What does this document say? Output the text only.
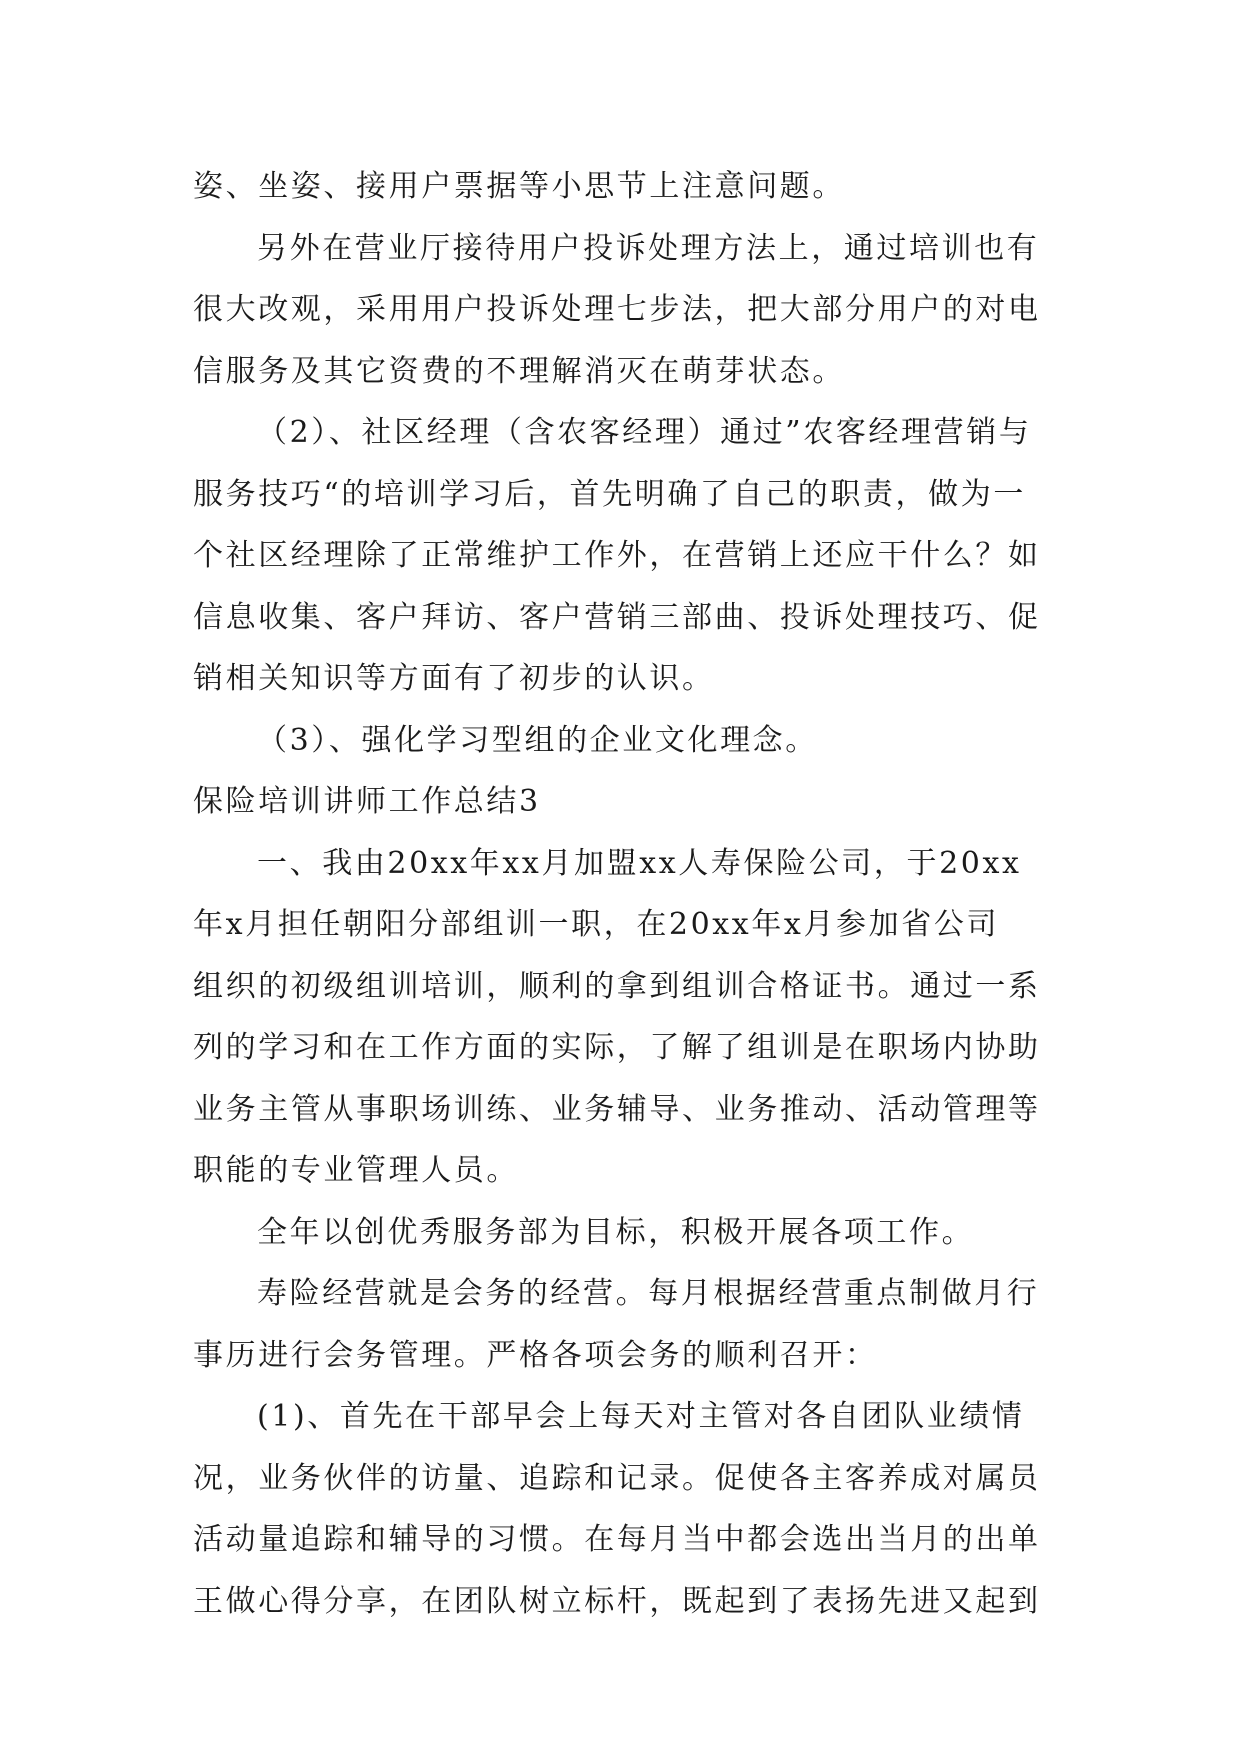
姿、坐姿、接用户票据等小思节上注意问题。
另外在营业厅接待用户投诉处理方法上，通过培训也有
很大改观，采用用户投诉处理七步法，把大部分用户的对电
信服务及其它资费的不理解消灭在萌芽状态。
（2）、社区经理（含农客经理）通过”农客经理营销与
服务技巧“的培训学习后，首先明确了自己的职责，做为一
个社区经理除了正常维护工作外，在营销上还应干什么？如
信息收集、客户拜访、客户营销三部曲、投诉处理技巧、促
销相关知识等方面有了初步的认识。
（3）、强化学习型组的企业文化理念。
保险培训讲师工作总结3
一、我由20xx年xx月加盟xx人寿保险公司，于20xx
年x月担任朝阳分部组训一职，在20xx年x月参加省公司
组织的初级组训培训，顺利的拿到组训合格证书。通过一系
列的学习和在工作方面的实际，了解了组训是在职场内协助
业务主管从事职场训练、业务辅导、业务推动、活动管理等
职能的专业管理人员。
全年以创优秀服务部为目标，积极开展各项工作。
寿险经营就是会务的经营。每月根据经营重点制做月行
事历进行会务管理。严格各项会务的顺利召开：
(1)、首先在干部早会上每天对主管对各自团队业绩情
况，业务伙伴的访量、追踪和记录。促使各主客养成对属员
活动量追踪和辅导的习惯。在每月当中都会选出当月的出单
王做心得分享，在团队树立标杆，既起到了表扬先进又起到
